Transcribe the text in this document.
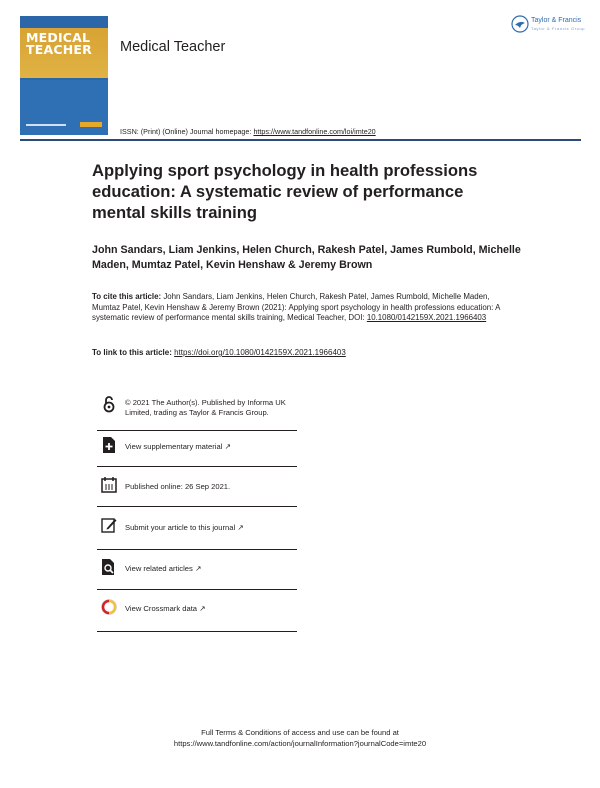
MEDICAL
TEACHER	Medical Teacher
Taylor & Francis
Taylor & Francis Group
ISSN: (Print) (Online) Journal homepage: https://www.tandfonline.com/loi/imte20
Applying sport psychology in health professions education: A systematic review of performance mental skills training
John Sandars, Liam Jenkins, Helen Church, Rakesh Patel, James Rumbold, Michelle Maden, Mumtaz Patel, Kevin Henshaw & Jeremy Brown
To cite this article: John Sandars, Liam Jenkins, Helen Church, Rakesh Patel, James Rumbold, Michelle Maden, Mumtaz Patel, Kevin Henshaw & Jeremy Brown (2021): Applying sport psychology in health professions education: A systematic review of performance mental skills training, Medical Teacher, DOI: 10.1080/0142159X.2021.1966403
To link to this article: https://doi.org/10.1080/0142159X.2021.1966403
© 2021 The Author(s). Published by Informa UK Limited, trading as Taylor & Francis Group.
View supplementary material ↗
Published online: 26 Sep 2021.
Submit your article to this journal ↗
View related articles ↗
View Crossmark data ↗
Full Terms & Conditions of access and use can be found at
https://www.tandfonline.com/action/journalInformation?journalCode=imte20
